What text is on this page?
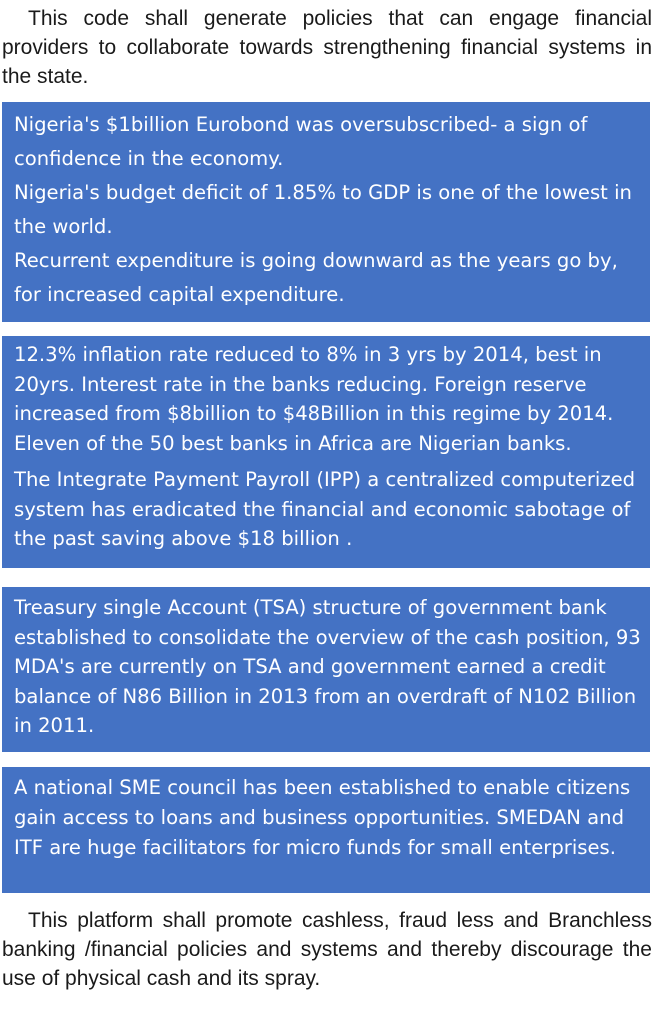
This code shall generate policies that can engage financial providers to collaborate towards strengthening financial systems in the state.

Nigeria's $1billion Eurobond was oversubscribed- a sign of confidence in the economy.

Nigeria's budget deficit of 1.85% to GDP is one of the lowest in the world.

Recurrent expenditure is going downward as the years go by, for increased capital expenditure.

12.3% inflation rate reduced to 8% in 3 yrs by 2014, best in 20yrs. Interest rate in the banks reducing. Foreign reserve increased from $8billion to $48Billion in this regime by 2014. Eleven of the 50 best banks in Africa are Nigerian banks.

The Integrate Payment Payroll (IPP) a centralized computerized system has eradicated the financial and economic sabotage of the past saving above $18 billion .

Treasury single Account (TSA) structure of government bank established to consolidate the overview of the cash position, 93 MDA's are currently on TSA and government earned a credit balance of N86 Billion in 2013 from an overdraft of N102 Billion in 2011.

A national SME council has been established to enable citizens gain access to loans and business opportunities. SMEDAN and ITF are huge facilitators for micro funds for small enterprises.

This platform shall promote cashless, fraud less and Branchless banking /financial policies and systems and thereby discourage the use of physical cash and its spray.
